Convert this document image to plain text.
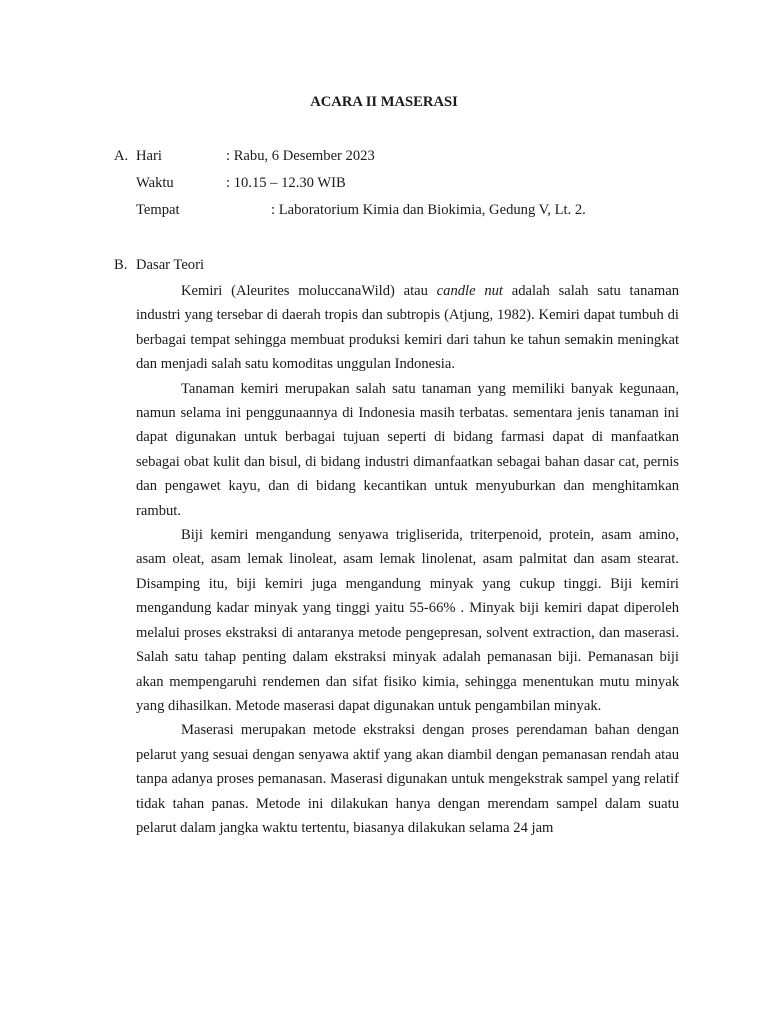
ACARA II MASERASI
A. Hari	: Rabu, 6 Desember 2023
Waktu	: 10.15 – 12.30 WIB
Tempat	: Laboratorium Kimia dan Biokimia, Gedung V, Lt. 2.
B. Dasar Teori

Kemiri (Aleurites moluccanaWild) atau candle nut adalah salah satu tanaman industri yang tersebar di daerah tropis dan subtropis (Atjung, 1982). Kemiri dapat tumbuh di berbagai tempat sehingga membuat produksi kemiri dari tahun ke tahun semakin meningkat dan menjadi salah satu komoditas unggulan Indonesia.

Tanaman kemiri merupakan salah satu tanaman yang memiliki banyak kegunaan, namun selama ini penggunaannya di Indonesia masih terbatas. sementara jenis tanaman ini dapat digunakan untuk berbagai tujuan seperti di bidang farmasi dapat di manfaatkan sebagai obat kulit dan bisul, di bidang industri dimanfaatkan sebagai bahan dasar cat, pernis dan pengawet kayu, dan di bidang kecantikan untuk menyuburkan dan menghitamkan rambut.

Biji kemiri mengandung senyawa trigliserida, triterpenoid, protein, asam amino, asam oleat, asam lemak linoleat, asam lemak linolenat, asam palmitat dan asam stearat. Disamping itu, biji kemiri juga mengandung minyak yang cukup tinggi. Biji kemiri mengandung kadar minyak yang tinggi yaitu 55-66% . Minyak biji kemiri dapat diperoleh melalui proses ekstraksi di antaranya metode pengepresan, solvent extraction, dan maserasi. Salah satu tahap penting dalam ekstraksi minyak adalah pemanasan biji. Pemanasan biji akan mempengaruhi rendemen dan sifat fisiko kimia, sehingga menentukan mutu minyak yang dihasilkan. Metode maserasi dapat digunakan untuk pengambilan minyak.

Maserasi merupakan metode ekstraksi dengan proses perendaman bahan dengan pelarut yang sesuai dengan senyawa aktif yang akan diambil dengan pemanasan rendah atau tanpa adanya proses pemanasan. Maserasi digunakan untuk mengekstrak sampel yang relatif tidak tahan panas. Metode ini dilakukan hanya dengan merendam sampel dalam suatu pelarut dalam jangka waktu tertentu, biasanya dilakukan selama 24 jam
